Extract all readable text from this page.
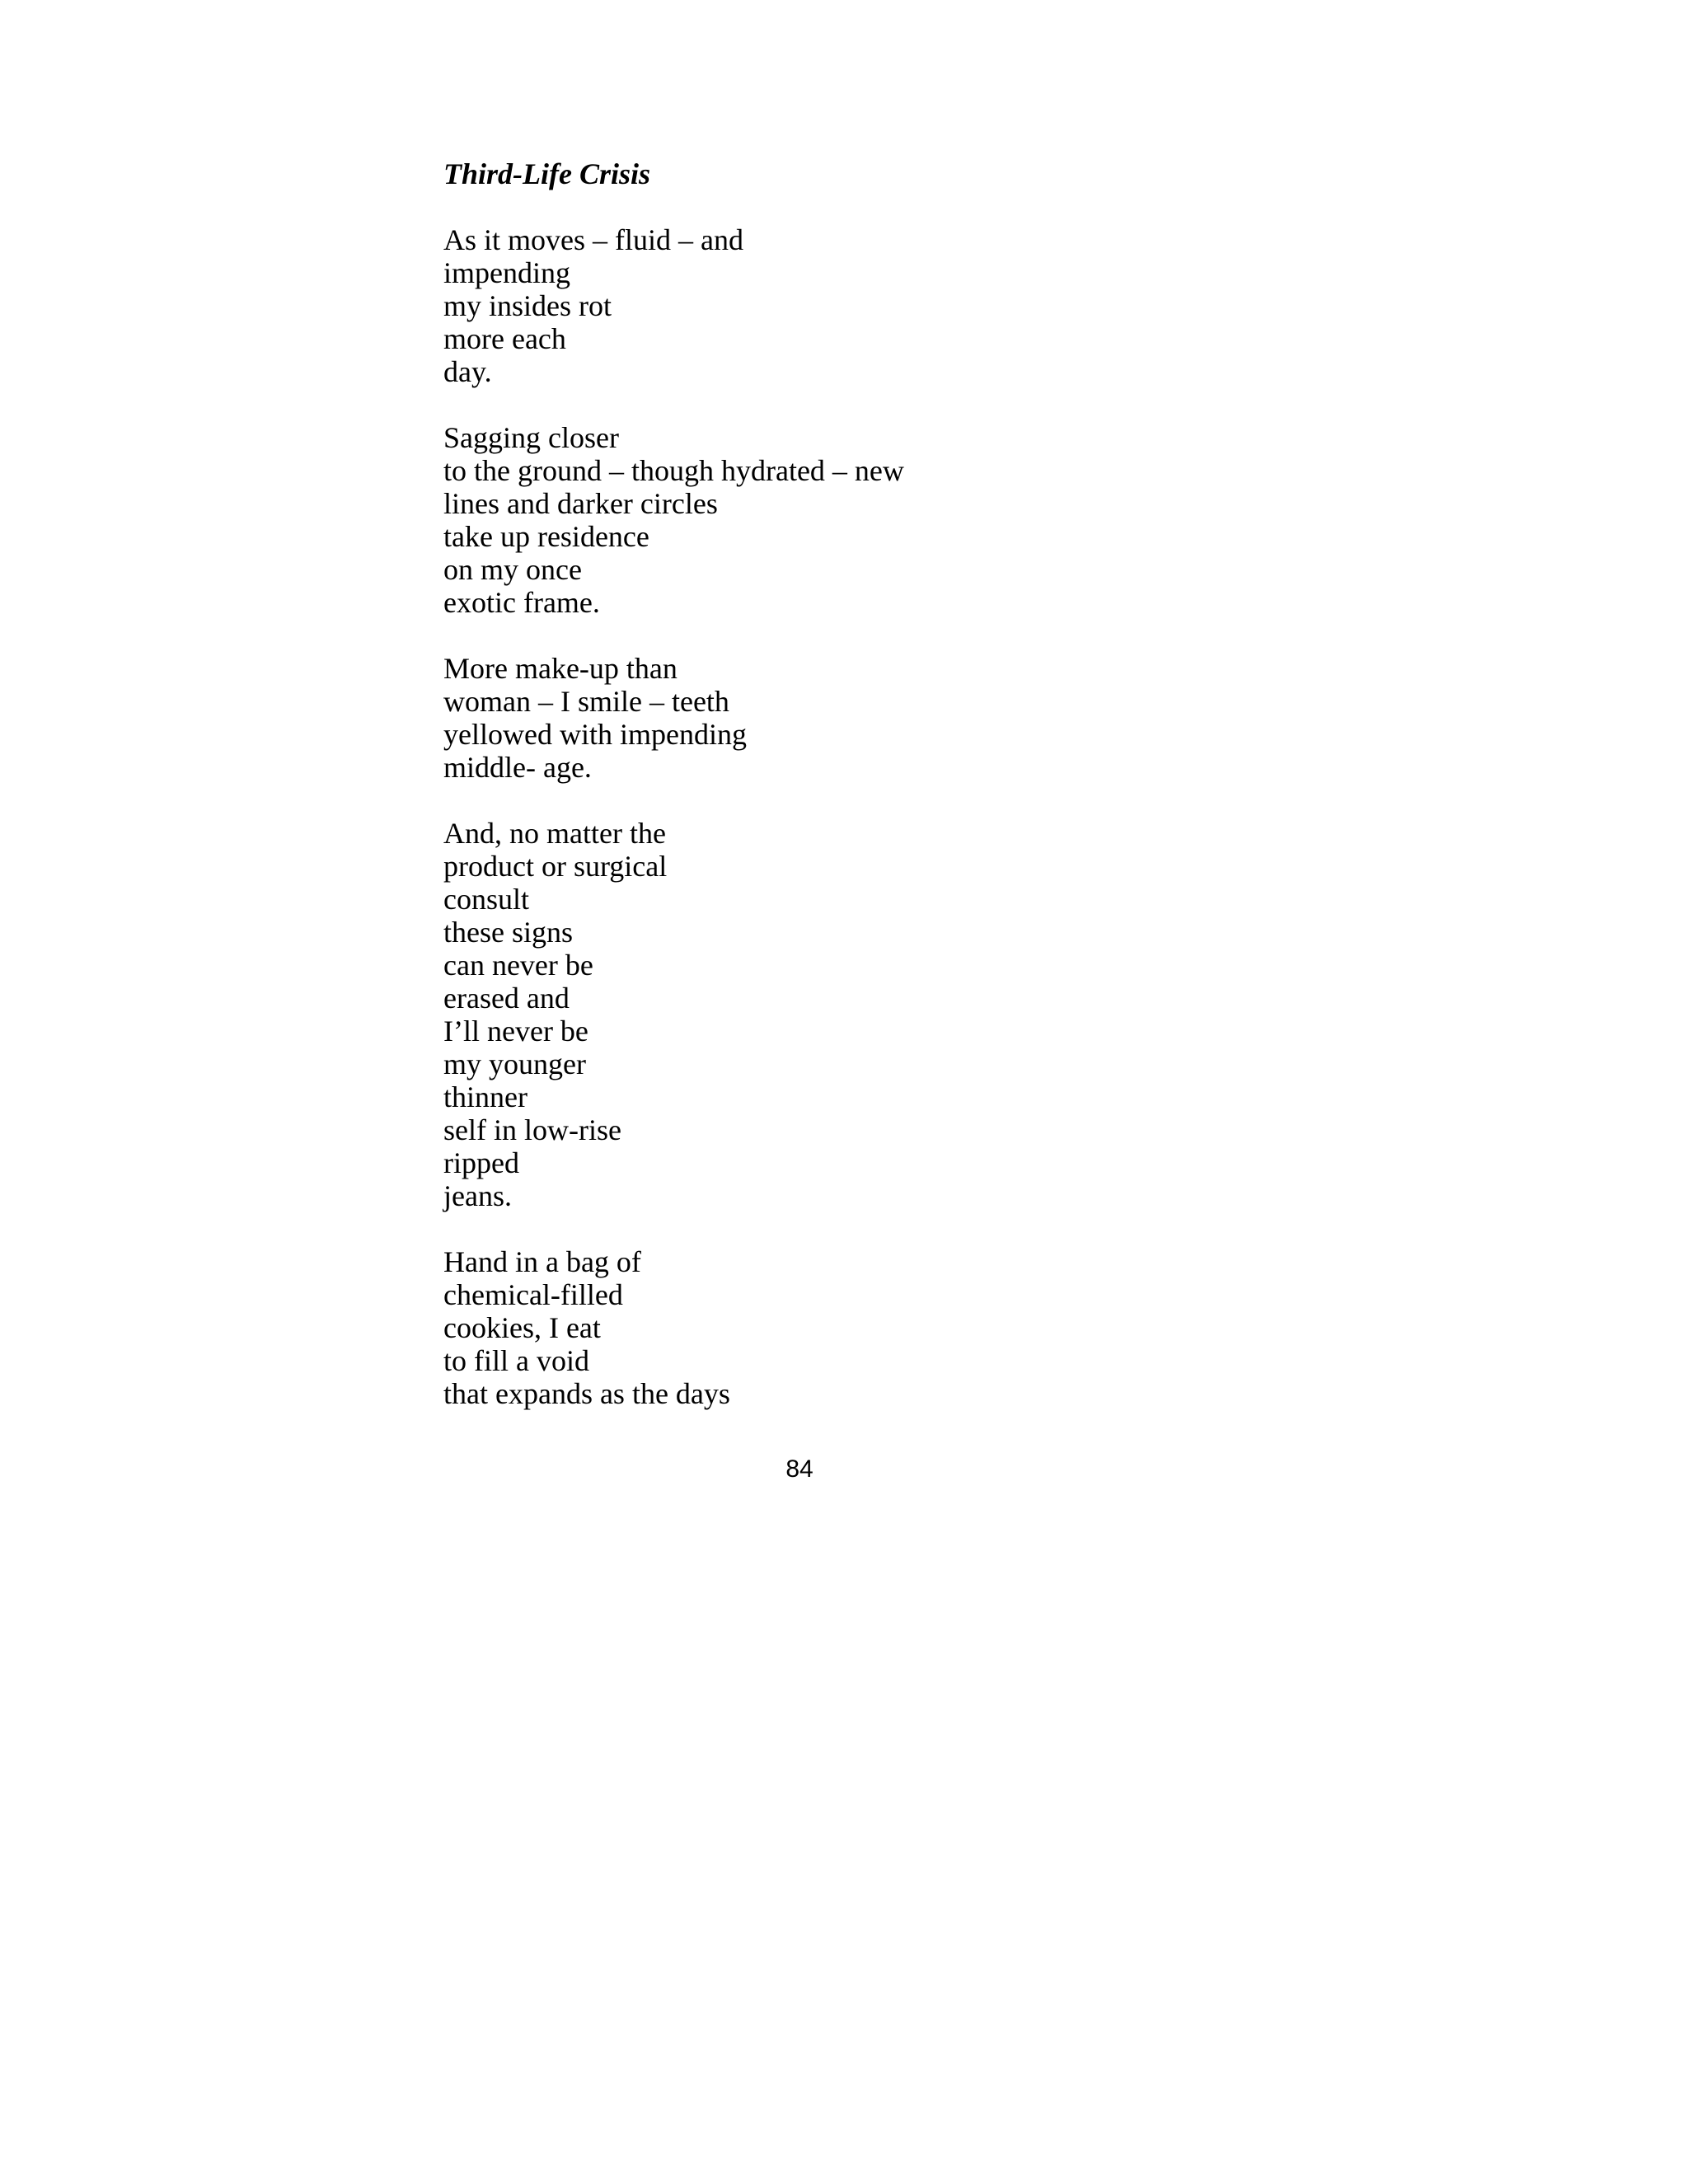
Third-Life Crisis
As it moves – fluid – and
impending
my insides rot
more each
day.
Sagging closer
to the ground – though hydrated – new
lines and darker circles
take up residence
on my once
exotic frame.
More make-up than
woman – I smile – teeth
yellowed with impending
middle- age.
And, no matter the
product or surgical
consult
these signs
can never be
erased and
I’ll never be
my younger
thinner
self in low-rise
ripped
jeans.
Hand in a bag of
chemical-filled
cookies, I eat
to fill a void
that expands as the days
84
